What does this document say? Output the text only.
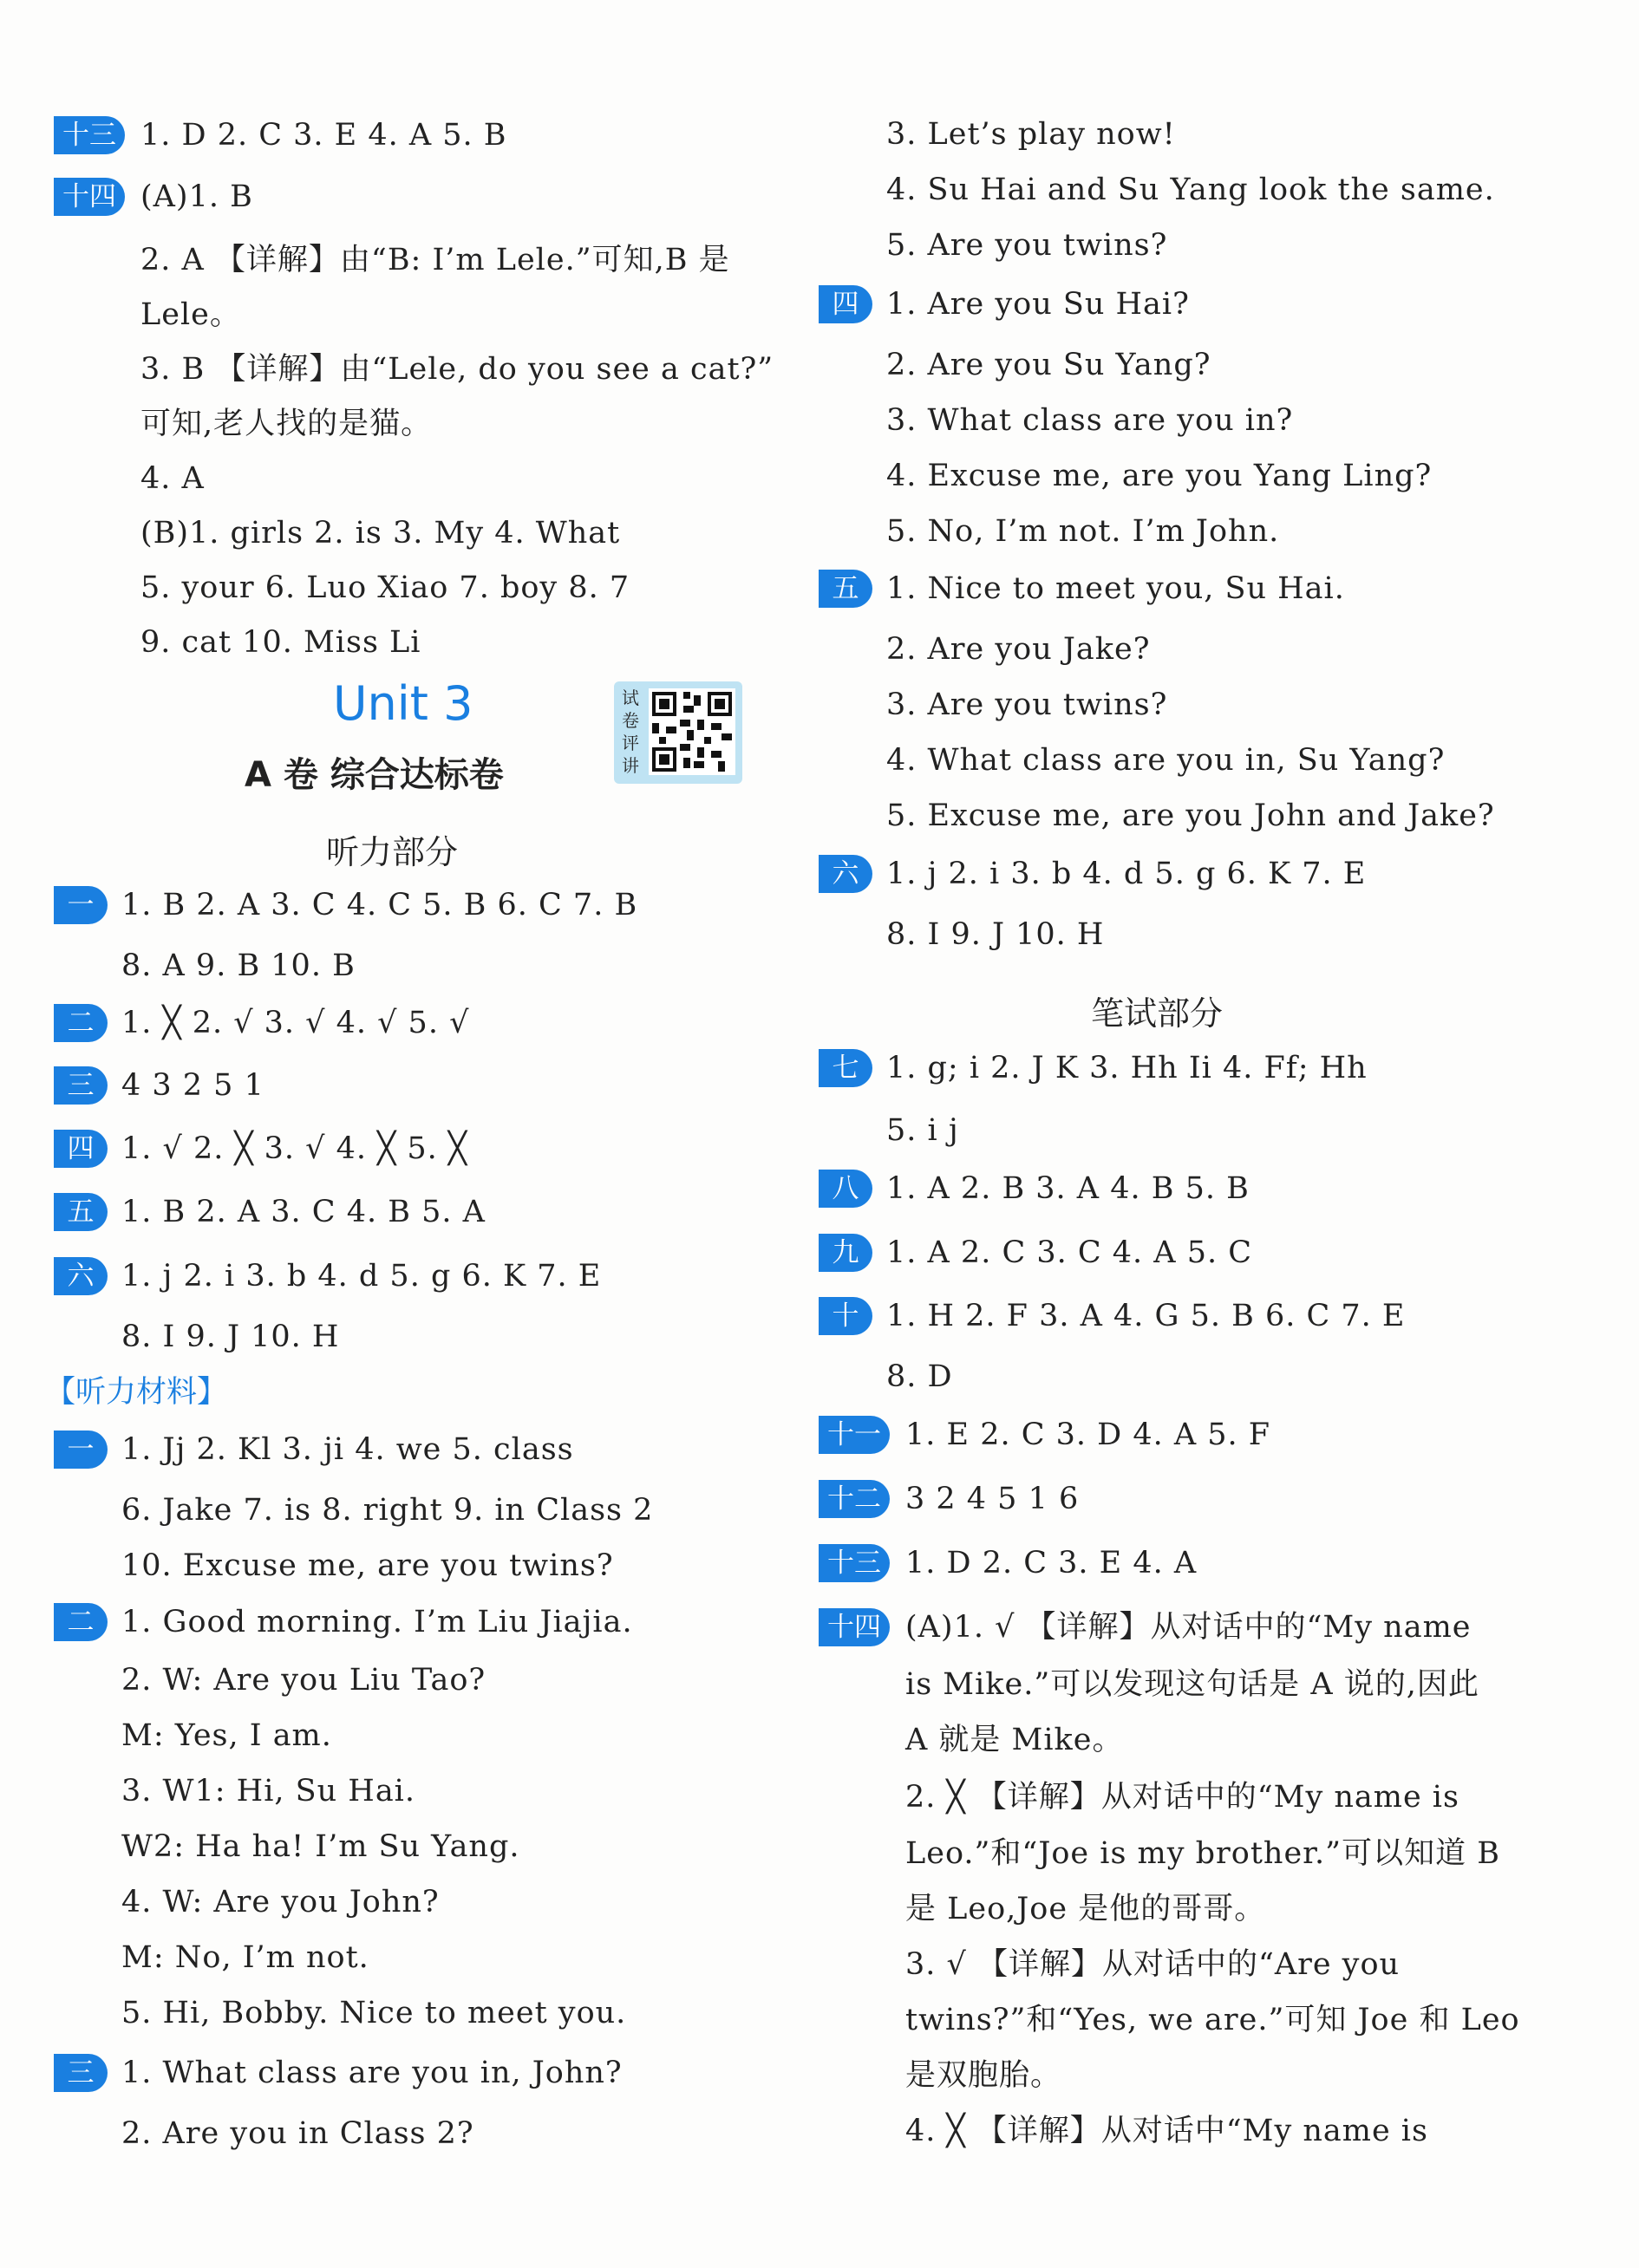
十三 1. D 2. C 3. E 4. A 5. B
十四 (A)1. B
2. A 【详解】由“B: I’m Lele.”可知,B 是
Lele。
3. B 【详解】由“Lele, do you see a cat?”
可知,老人找的是猫。
4. A
(B)1. girls 2. is 3. My 4. What
5. your 6. Luo Xiao 7. boy 8. 7
9. cat 10. Miss Li
Unit 3
A 卷 综合达标卷
试卷评讲
听力部分
一 1. B 2. A 3. C 4. C 5. B 6. C 7. B
8. A 9. B 10. B
二 1. ╳ 2. √ 3. √ 4. √ 5. √
三 4 3 2 5 1
四 1. √ 2. ╳ 3. √ 4. ╳ 5. ╳
五 1. B 2. A 3. C 4. B 5. A
六 1. j 2. i 3. b 4. d 5. g 6. K 7. E
8. I 9. J 10. H
【听力材料】
一 1. Jj 2. Kl 3. ji 4. we 5. class
6. Jake 7. is 8. right 9. in Class 2
10. Excuse me, are you twins?
二 1. Good morning. I’m Liu Jiajia.
2. W: Are you Liu Tao?
M: Yes, I am.
3. W1: Hi, Su Hai.
W2: Ha ha! I’m Su Yang.
4. W: Are you John?
M: No, I’m not.
5. Hi, Bobby. Nice to meet you.
三 1. What class are you in, John?
2. Are you in Class 2?
3. Let’s play now!
4. Su Hai and Su Yang look the same.
5. Are you twins?
四 1. Are you Su Hai?
2. Are you Su Yang?
3. What class are you in?
4. Excuse me, are you Yang Ling?
5. No, I’m not. I’m John.
五 1. Nice to meet you, Su Hai.
2. Are you Jake?
3. Are you twins?
4. What class are you in, Su Yang?
5. Excuse me, are you John and Jake?
六 1. j 2. i 3. b 4. d 5. g 6. K 7. E
8. I 9. J 10. H
笔试部分
七 1. g; i 2. J K 3. Hh Ii 4. Ff; Hh
5. i j
八 1. A 2. B 3. A 4. B 5. B
九 1. A 2. C 3. C 4. A 5. C
十 1. H 2. F 3. A 4. G 5. B 6. C 7. E
8. D
十一 1. E 2. C 3. D 4. A 5. F
十二 3 2 4 5 1 6
十三 1. D 2. C 3. E 4. A
十四 (A)1. √ 【详解】从对话中的“My name
is Mike.”可以发现这句话是 A 说的,因此
A 就是 Mike。
2. ╳ 【详解】从对话中的“My name is
Leo.”和“Joe is my brother.”可以知道 B
是 Leo,Joe 是他的哥哥。
3. √ 【详解】从对话中的“Are you
twins?”和“Yes, we are.”可知 Joe 和 Leo
是双胞胎。
4. ╳ 【详解】从对话中“My name is
